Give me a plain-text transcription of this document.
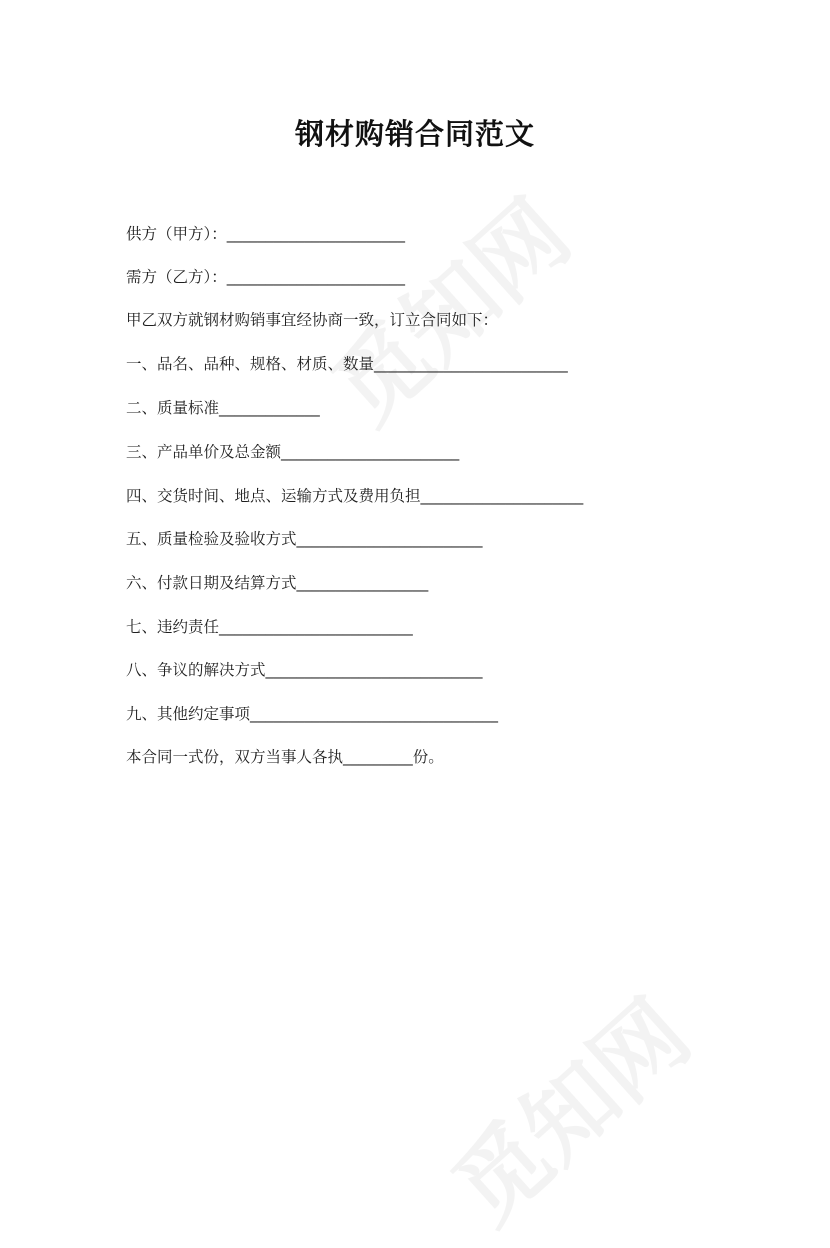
钢材购销合同范文
供方（甲方）：_______________________
需方（乙方）：_______________________
甲乙双方就钢材购销事宜经协商一致，订立合同如下：
一、品名、品种、规格、材质、数量_________________________
二、质量标准_____________
三、产品单价及总金额_______________________
四、交货时间、地点、运输方式及费用负担_____________________
五、质量检验及验收方式________________________
六、付款日期及结算方式_________________
七、违约责任_________________________
八、争议的解决方式____________________________
九、其他约定事项________________________________
本合同一式份，双方当事人各执_________份。
